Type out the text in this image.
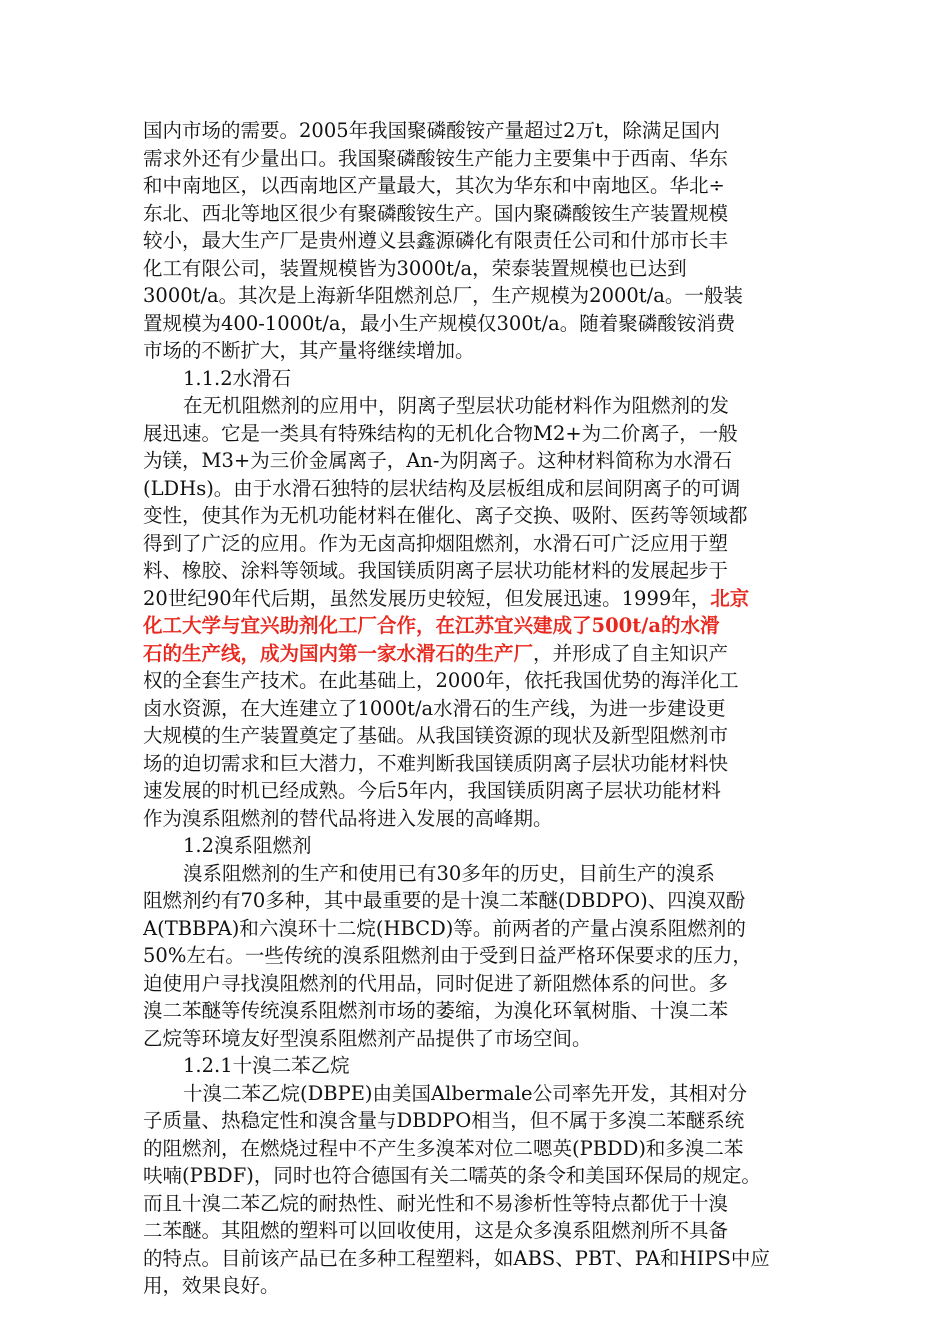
国内市场的需要。2005年我国聚磷酸铵产量超过2万t，除满足国内
需求外还有少量出口。我国聚磷酸铵生产能力主要集中于西南、华东
和中南地区，以西南地区产量最大，其次为华东和中南地区。华北÷
东北、西北等地区很少有聚磷酸铵生产。国内聚磷酸铵生产装置规模
较小，最大生产厂是贵州遵义县鑫源磷化有限责任公司和什邡市长丰
化工有限公司，装置规模皆为3000t/a，荣泰装置规模也已达到
3000t/a。其次是上海新华阻燃剂总厂，生产规模为2000t/a。一般装
置规模为400-1000t/a，最小生产规模仅300t/a。随着聚磷酸铵消费
市场的不断扩大，其产量将继续增加。
1.1.2水滑石
在无机阻燃剂的应用中，阴离子型层状功能材料作为阻燃剂的发
展迅速。它是一类具有特殊结构的无机化合物M2+为二价离子，一般
为镁，M3+为三价金属离子，An-为阴离子。这种材料简称为水滑石
(LDHs)。由于水滑石独特的层状结构及层板组成和层间阴离子的可调
变性，使其作为无机功能材料在催化、离子交换、吸附、医药等领域都
得到了广泛的应用。作为无卤高抑烟阻燃剂，水滑石可广泛应用于塑
料、橡胶、涂料等领域。我国镁质阴离子层状功能材料的发展起步于
20世纪90年代后期，虽然发展历史较短，但发展迅速。1999年，北京
化工大学与宜兴助剂化工厂合作，在江苏宜兴建成了500t/a的水滑
石的生产线，成为国内第一家水滑石的生产厂，并形成了自主知识产
权的全套生产技术。在此基础上，2000年，依托我国优势的海洋化工
卤水资源，在大连建立了1000t/a水滑石的生产线，为进一步建设更
大规模的生产装置奠定了基础。从我国镁资源的现状及新型阻燃剂市
场的迫切需求和巨大潜力，不难判断我国镁质阴离子层状功能材料快
速发展的时机已经成熟。今后5年内，我国镁质阴离子层状功能材料
作为溴系阻燃剂的替代品将进入发展的高峰期。
1.2溴系阻燃剂
溴系阻燃剂的生产和使用已有30多年的历史，目前生产的溴系
阻燃剂约有70多种，其中最重要的是十溴二苯醚(DBDPO)、四溴双酚
A(TBBPA)和六溴环十二烷(HBCD)等。前两者的产量占溴系阻燃剂的
50%左右。一些传统的溴系阻燃剂由于受到日益严格环保要求的压力，
迫使用户寻找溴阻燃剂的代用品，同时促进了新阻燃体系的问世。多
溴二苯醚等传统溴系阻燃剂市场的萎缩，为溴化环氧树脂、十溴二苯
乙烷等环境友好型溴系阻燃剂产品提供了市场空间。
1.2.1十溴二苯乙烷
十溴二苯乙烷(DBPE)由美国Albermale公司率先开发，其相对分
子质量、热稳定性和溴含量与DBDPO相当，但不属于多溴二苯醚系统
的阻燃剂，在燃烧过程中不产生多溴苯对位二嗯英(PBDD)和多溴二苯
呋喃(PBDF)，同时也符合德国有关二嚅英的条令和美国环保局的规定。
而且十溴二苯乙烷的耐热性、耐光性和不易渗析性等特点都优于十溴
二苯醚。其阻燃的塑料可以回收使用，这是众多溴系阻燃剂所不具备
的特点。目前该产品已在多种工程塑料，如ABS、PBT、PA和HIPS中应
用，效果良好。
